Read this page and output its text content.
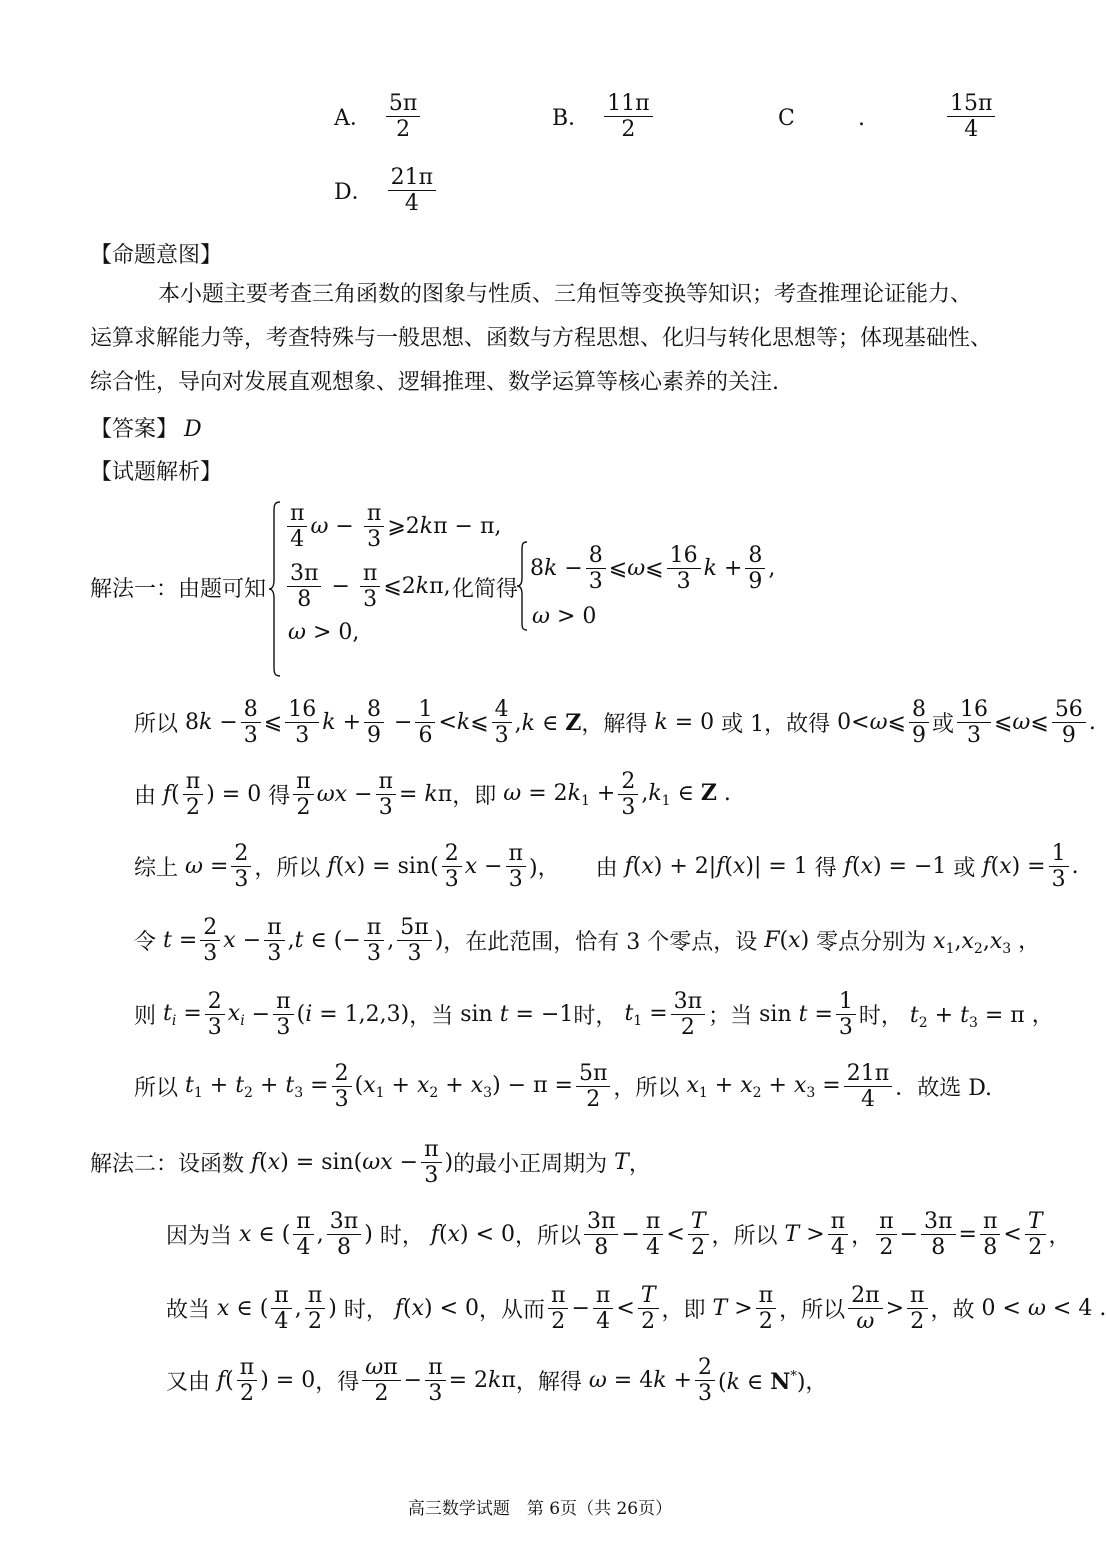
A． $\frac{5\pi}{2}$	B． $\frac{11\pi}{2}$	C	.	$\frac{15\pi}{4}$
D． $\frac{21\pi}{4}$
【命题意图】
本小题主要考查三角函数的图象与性质、三角恒等变换等知识；考查推理论证能力、
运算求解能力等，考查特殊与一般思想、函数与方程思想、化归与转化思想等；体现基础性、
综合性，导向对发展直观想象、逻辑推理、数学运算等核心素养的关注.
【答案】 D
【试题解析】
解法一：由题可知
$\frac{\pi}{4}$ $\omega - \frac{\pi}{3}$ ⩾2kπ − π,
$\frac{3\pi}{8} - \frac{\pi}{3}$ ⩽2kπ,
ω > 0,
化简得
$8k - \frac{8}{3}$ ⩽ω⩽ $\frac{16}{3}$ $k + \frac{8}{9}$ ,
ω > 0
所以 $8k - \frac{8}{3}$ ⩽ $\frac{16}{3}$ $k + \frac{8}{9} - \frac{1}{6}$ <k⩽ $\frac{4}{3} ,k$ ∈ Z ，解得 k = 0 或 1，故得 0<ω⩽ $\frac{8}{9}$ 或 $\frac{16}{3}$ ⩽ω⩽ $\frac{56}{9}$ .
由 $f( \frac{\pi}{2}$ ) = 0 得 $\frac{\pi}{2}$ $\omega x - \frac{\pi}{3} = k\pi$ ，即 $\omega = 2k_1 + \frac{2}{3} ,k_1$ ∈ Z .
综上 $\omega = \frac{2}{3}$ ，所以 $f(x) = \sin( \frac{2}{3}$ $x - \frac{\pi}{3}$ )， 由 f(x) + 2|f(x)| = 1 得 f(x) = −1 或 $f(x) = \frac{1}{3}$ .
令 $t = \frac{2}{3}$ $x - \frac{\pi}{3} ,t$ ∈ (− $\frac{\pi}{3}$ , $\frac{5\pi}{3}$ ) ，在此范围，恰有 3 个零点，设 F(x) 零点分别为 $x_1,x_2,x_3$ ，
则 $t_i = \frac{2}{3} x_i - \frac{\pi}{3} (i = 1,2,3)$ ，当 sin t = −1 时， $t_1 = \frac{3\pi}{2}$ ；当 $\sin t = \frac{1}{3}$ 时， $t_2 + t_3 = \pi$ ，
所以 $t_1 + t_2 + t_3 = \frac{2}{3} (x_1 + x_2 + x_3) - \pi = \frac{5\pi}{2}$ ，所以 $x_1 + x_2 + x_3 = \frac{21\pi}{4}$ ．故选 D.
解法二：设函数 $f(x) = \sin(\omega x - \frac{\pi}{3}$ ) 的最小正周期为 T ，
因为当 x ∈ ( $\frac{\pi}{4}$ , $\frac{3\pi}{8}$ ) 时， f(x) < 0 ，所以 $\frac{3\pi}{8} - \frac{\pi}{4} < \frac{T}{2}$ ，所以 $T > \frac{\pi}{4}$ ， $\frac{\pi}{2} - \frac{3\pi}{8} = \frac{\pi}{8} < \frac{T}{2}$ ，
故当 x ∈ ( $\frac{\pi}{4}$ , $\frac{\pi}{2}$ ) 时， f(x) < 0 ，从而 $\frac{\pi}{2} - \frac{\pi}{4} < \frac{T}{2}$ ，即 $T > \frac{\pi}{2}$ ，所以 $\frac{2\pi}{\omega} > \frac{\pi}{2}$ ，故 0 < ω < 4 .
又由 $f( \frac{\pi}{2}$ ) = 0 ，得 $\frac{\omega\pi}{2} - \frac{\pi}{3} = 2k\pi$ ，解得 $\omega = 4k + \frac{2}{3} (k$ ∈ N*)，
高三数学试题　第 6页（共 26页）
